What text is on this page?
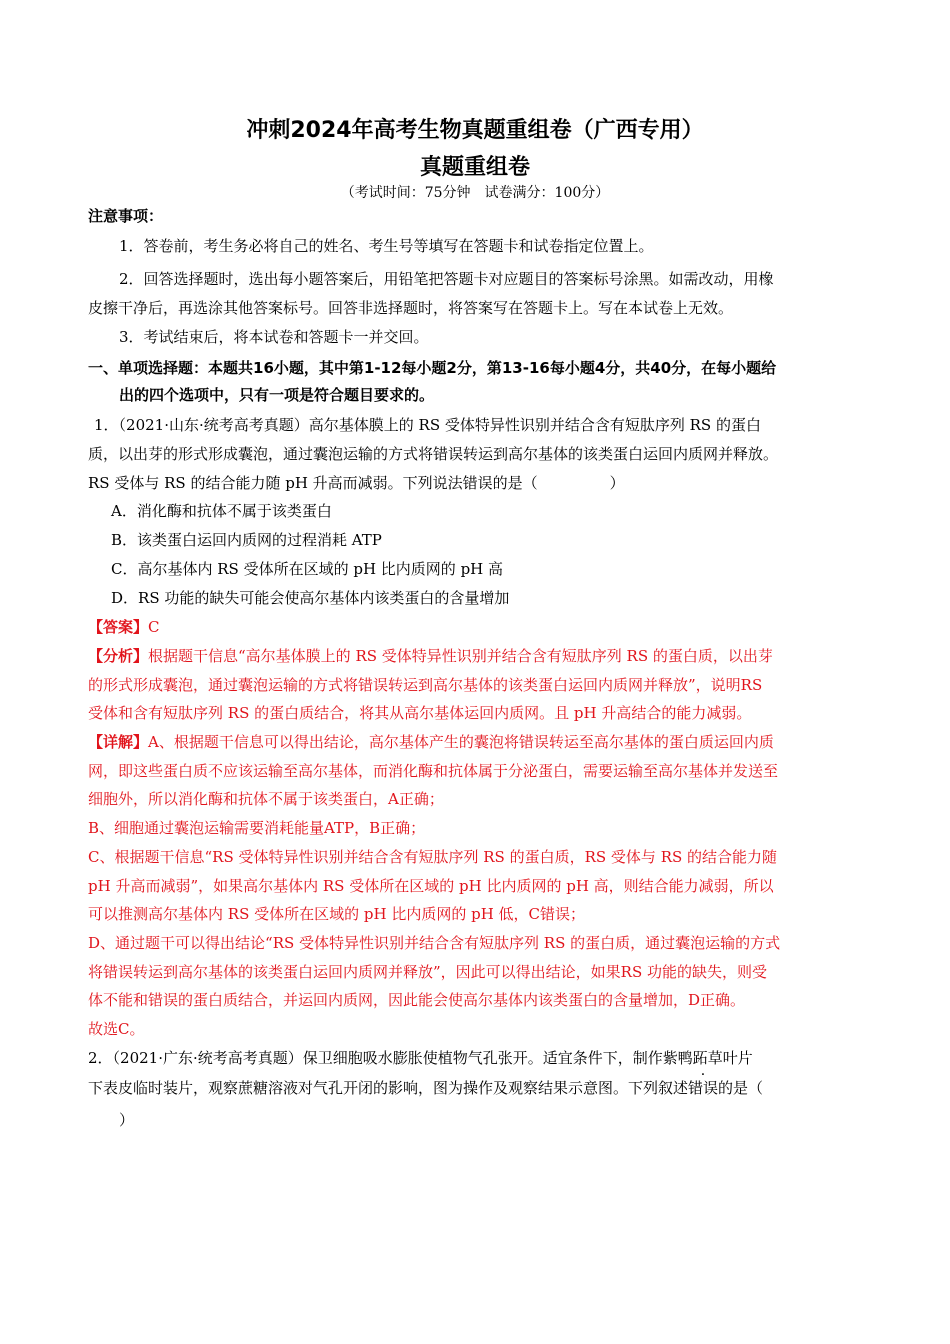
冲刺2024年高考生物真题重组卷（广西专用）
真题重组卷
（考试时间：75分钟　试卷满分：100分）
注意事项：
1．答卷前，考生务必将自己的姓名、考生号等填写在答题卡和试卷指定位置上。
2．回答选择题时，选出每小题答案后，用铅笔把答题卡对应题目的答案标号涂黑。如需改动，用橡
皮擦干净后，再选涂其他答案标号。回答非选择题时，将答案写在答题卡上。写在本试卷上无效。
3．考试结束后，将本试卷和答题卡一并交回。
一、单项选择题：本题共16小题，其中第1-12每小题2分，第13-16每小题4分，共40分，在每小题给
出的四个选项中，只有一项是符合题目要求的。
1．（2021·山东·统考高考真题）高尔基体膜上的 RS 受体特异性识别并结合含有短肽序列 RS 的蛋白
质，以出芽的形式形成囊泡，通过囊泡运输的方式将错误转运到高尔基体的该类蛋白运回内质网并释放。
RS 受体与 RS 的结合能力随 pH 升高而减弱。下列说法错误的是（	）
A．消化酶和抗体不属于该类蛋白
B．该类蛋白运回内质网的过程消耗 ATP
C．高尔基体内 RS 受体所在区域的 pH 比内质网的 pH 高
D．RS 功能的缺失可能会使高尔基体内该类蛋白的含量增加
【答案】C
【分析】根据题干信息“高尔基体膜上的 RS 受体特异性识别并结合含有短肽序列 RS 的蛋白质，以出芽
的形式形成囊泡，通过囊泡运输的方式将错误转运到高尔基体的该类蛋白运回内质网并释放”，说明RS
受体和含有短肽序列 RS 的蛋白质结合，将其从高尔基体运回内质网。且 pH 升高结合的能力减弱。
【详解】A、根据题干信息可以得出结论，高尔基体产生的囊泡将错误转运至高尔基体的蛋白质运回内质
网，即这些蛋白质不应该运输至高尔基体，而消化酶和抗体属于分泌蛋白，需要运输至高尔基体并发送至
细胞外，所以消化酶和抗体不属于该类蛋白，A正确；
B、细胞通过囊泡运输需要消耗能量ATP，B正确；
C、根据题干信息“RS 受体特异性识别并结合含有短肽序列 RS 的蛋白质，RS 受体与 RS 的结合能力随
pH 升高而减弱”，如果高尔基体内 RS 受体所在区域的 pH 比内质网的 pH 高，则结合能力减弱，所以
可以推测高尔基体内 RS 受体所在区域的 pH 比内质网的 pH 低，C错误；
D、通过题干可以得出结论“RS 受体特异性识别并结合含有短肽序列 RS 的蛋白质，通过囊泡运输的方式
将错误转运到高尔基体的该类蛋白运回内质网并释放”，因此可以得出结论，如果RS 功能的缺失，则受
体不能和错误的蛋白质结合，并运回内质网，因此能会使高尔基体内该类蛋白的含量增加，D正确。
故选C。
2．（2021·广东·统考高考真题）保卫细胞吸水膨胀使植物气孔张开。适宜条件下，制作紫鸭跖草叶片
下表皮临时装片，观察蔗糖溶液对气孔开闭的影响，图为操作及观察结果示意图。下列叙述错误的是（
）
